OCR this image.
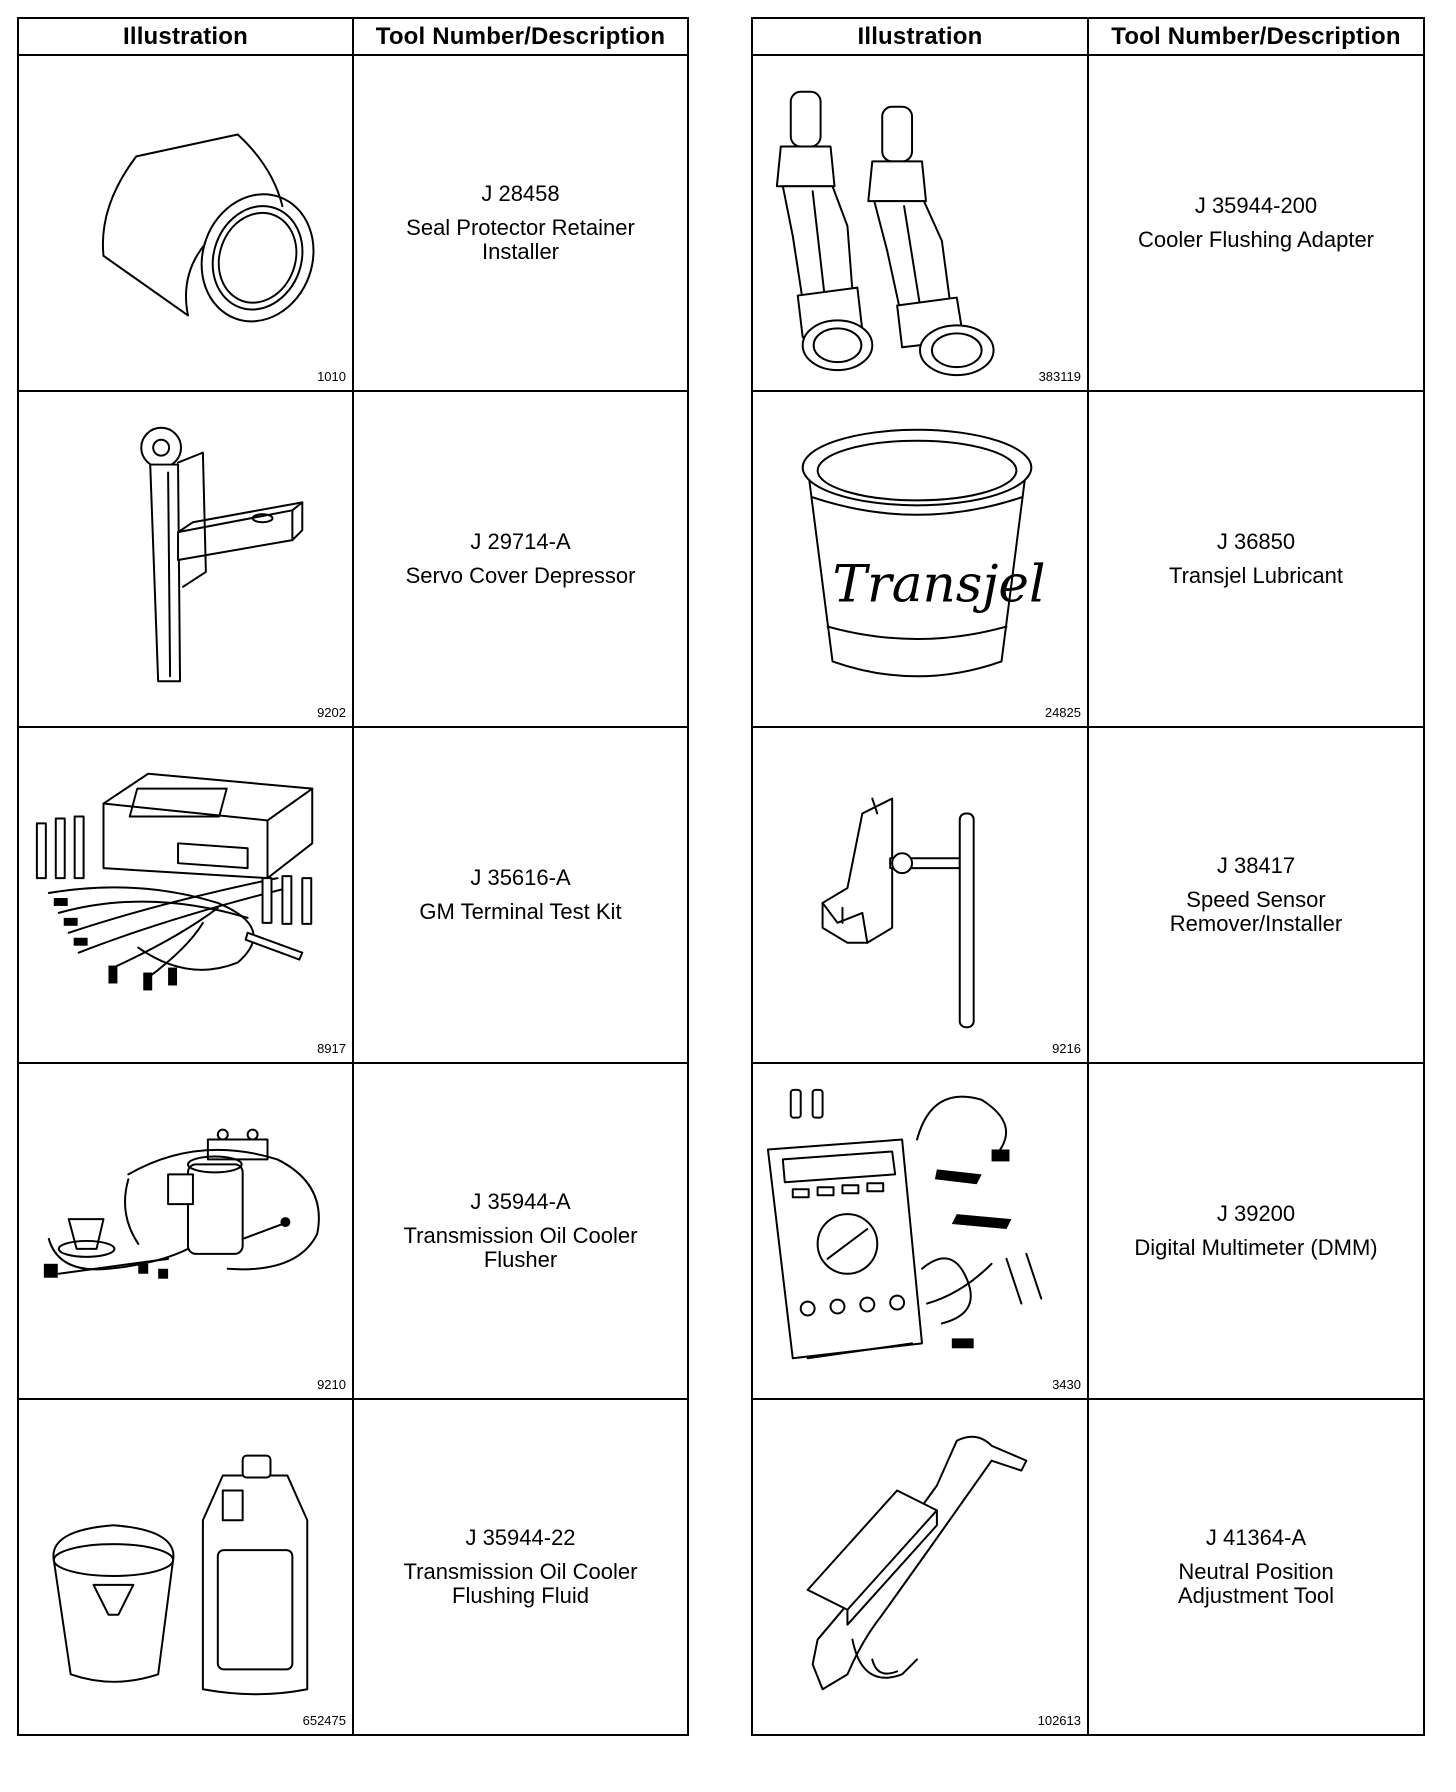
Illustration	Tool Number/Description

1010	J 28458
Seal Protector Retainer
Installer

9202	J 29714-A
Servo Cover Depressor

8917	J 35616-A
GM Terminal Test Kit

9210	J 35944-A
Transmission Oil Cooler
Flusher

652475	J 35944-22
Transmission Oil Cooler
Flushing Fluid
Illustration	Tool Number/Description

383119	J 35944-200
Cooler Flushing Adapter

Transjel
24825	J 36850
Transjel Lubricant

9216	J 38417
Speed Sensor
Remover/Installer

3430	J 39200
Digital Multimeter (DMM)

102613	J 41364-A
Neutral Position
Adjustment Tool
